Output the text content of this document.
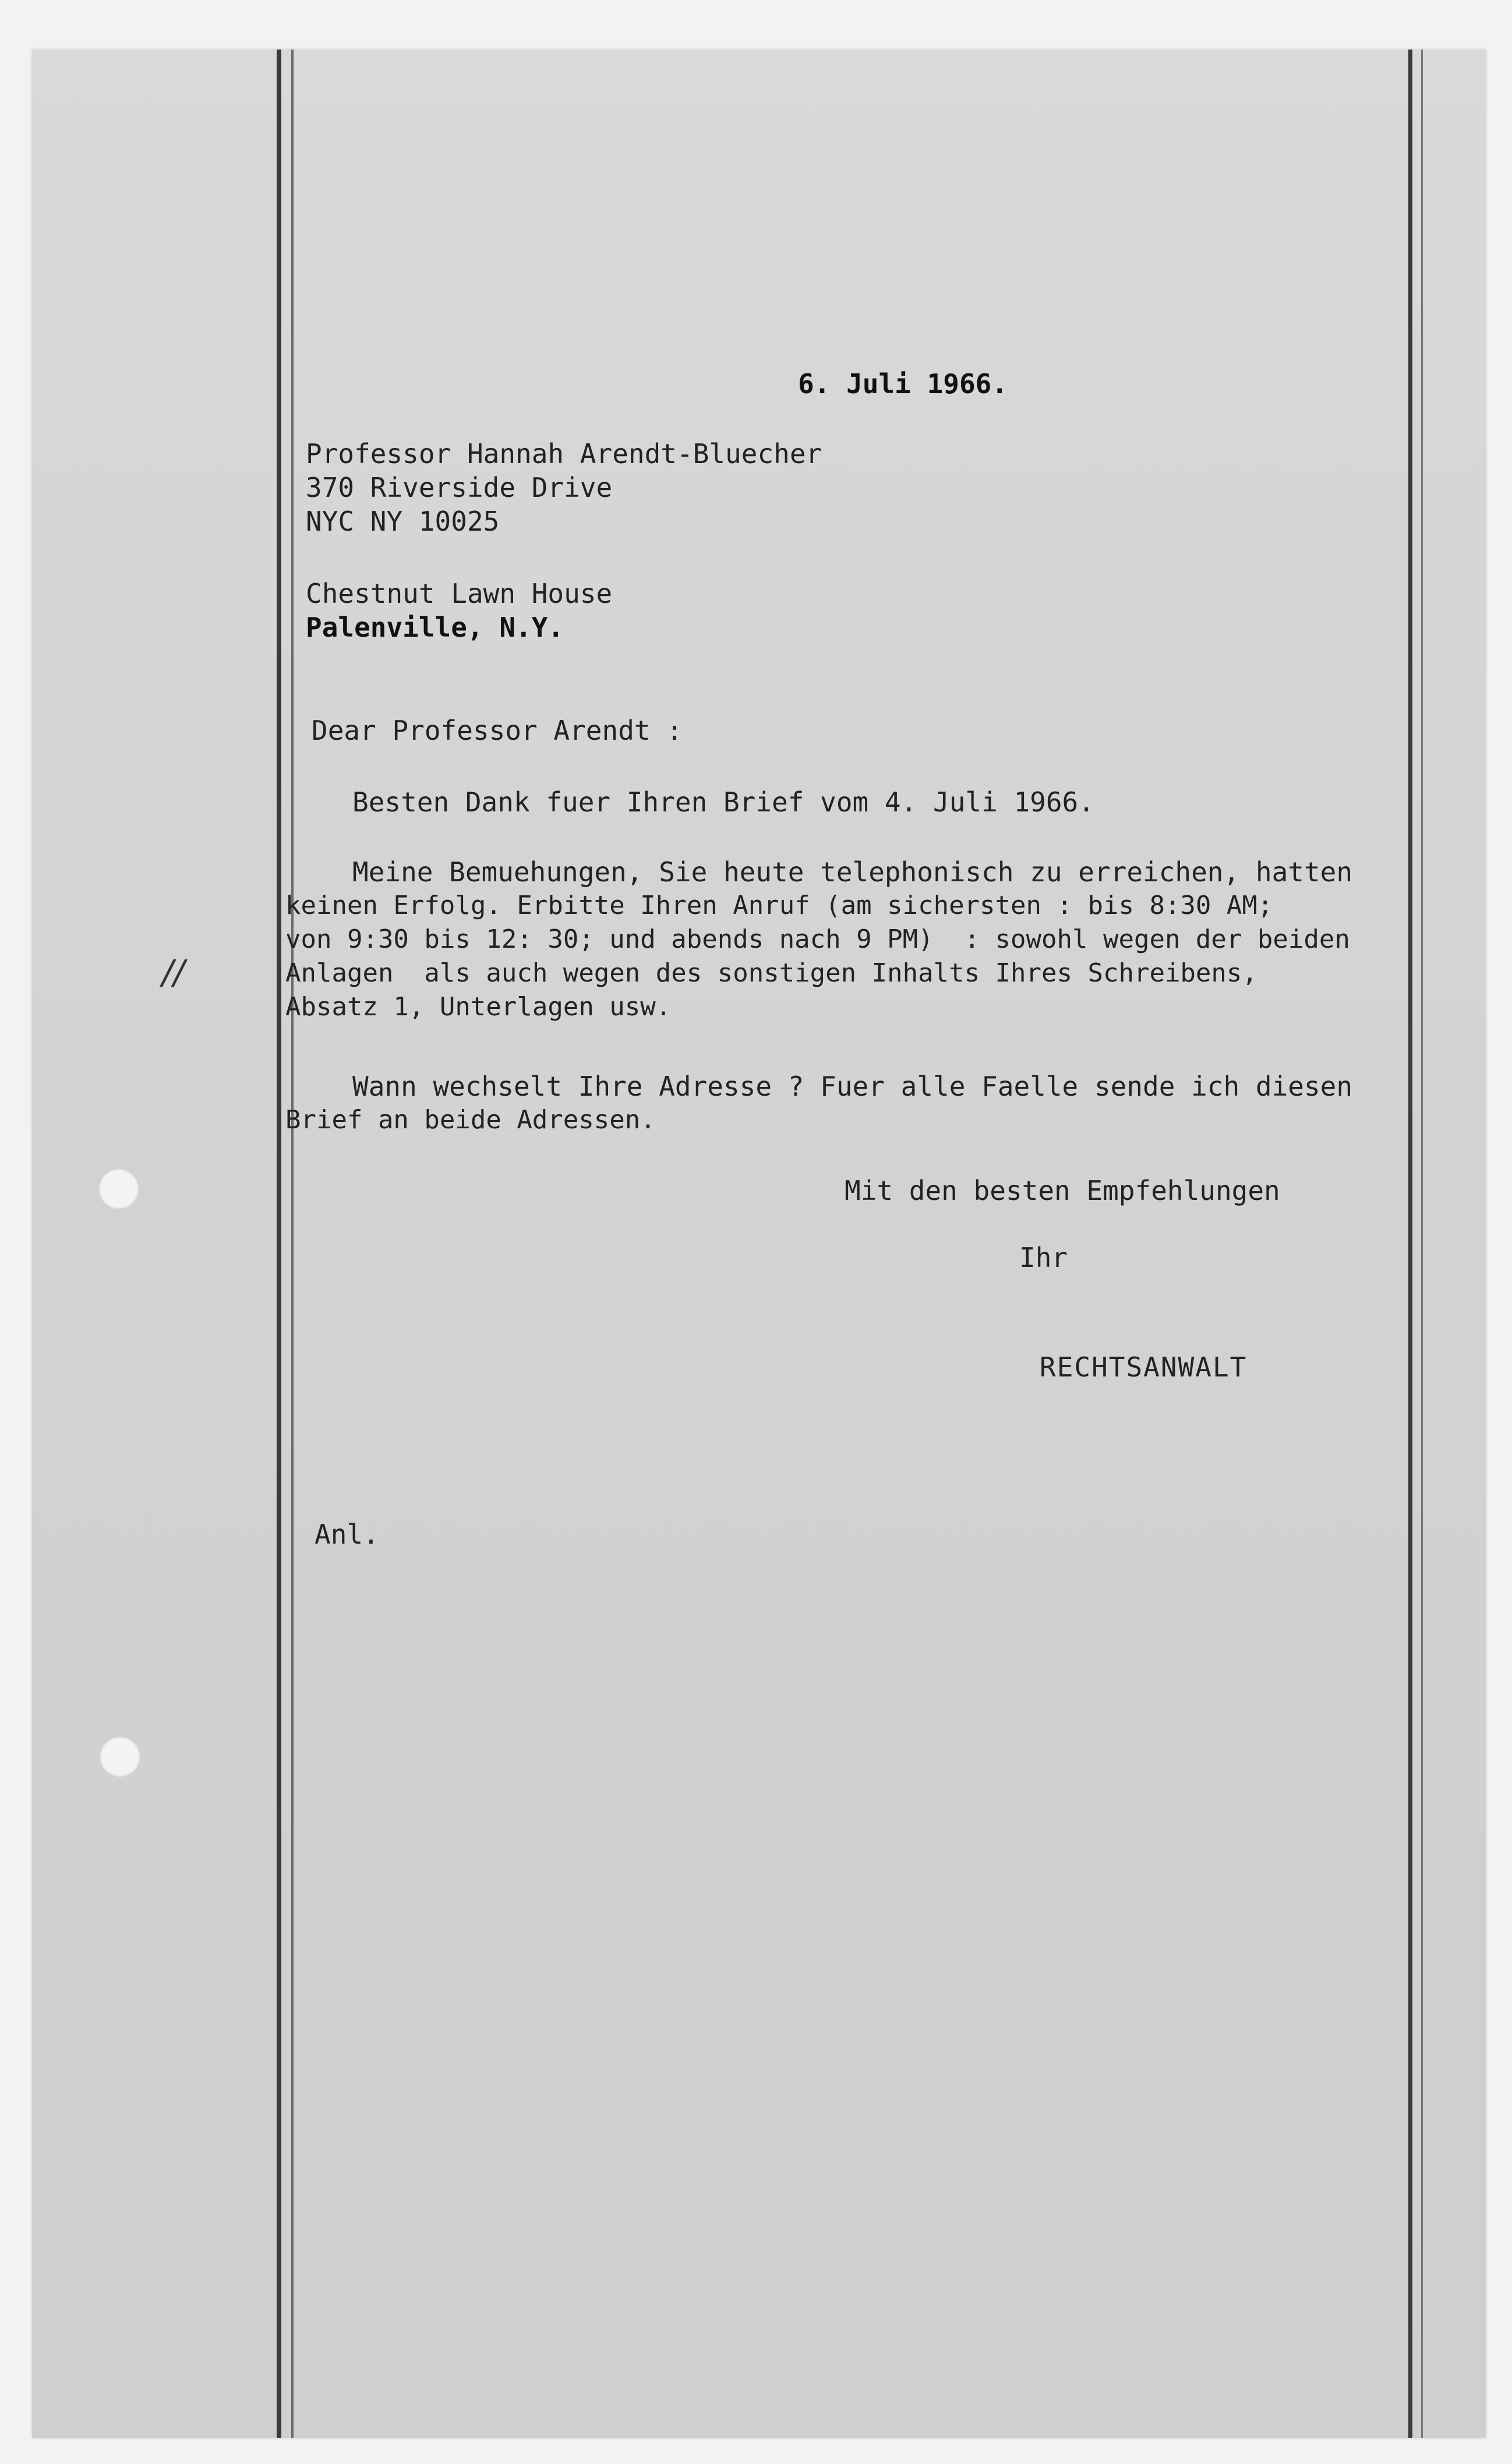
//
6. Juli 1966.
Professor Hannah Arendt-Bluecher
370 Riverside Drive
NYC NY 10025
Chestnut Lawn House
Palenville, N.Y.
Dear Professor Arendt :
Besten Dank fuer Ihren Brief vom 4. Juli 1966.
Meine Bemuehungen, Sie heute telephonisch zu erreichen, hatten
keinen Erfolg. Erbitte Ihren Anruf (am sichersten : bis 8:30 AM;
von 9:30 bis 12: 30; und abends nach 9 PM)  : sowohl wegen der beiden
Anlagen  als auch wegen des sonstigen Inhalts Ihres Schreibens,
Absatz 1, Unterlagen usw.
Wann wechselt Ihre Adresse ? Fuer alle Faelle sende ich diesen
Brief an beide Adressen.
Mit den besten Empfehlungen
Ihr
RECHTSANWALT
Anl.
